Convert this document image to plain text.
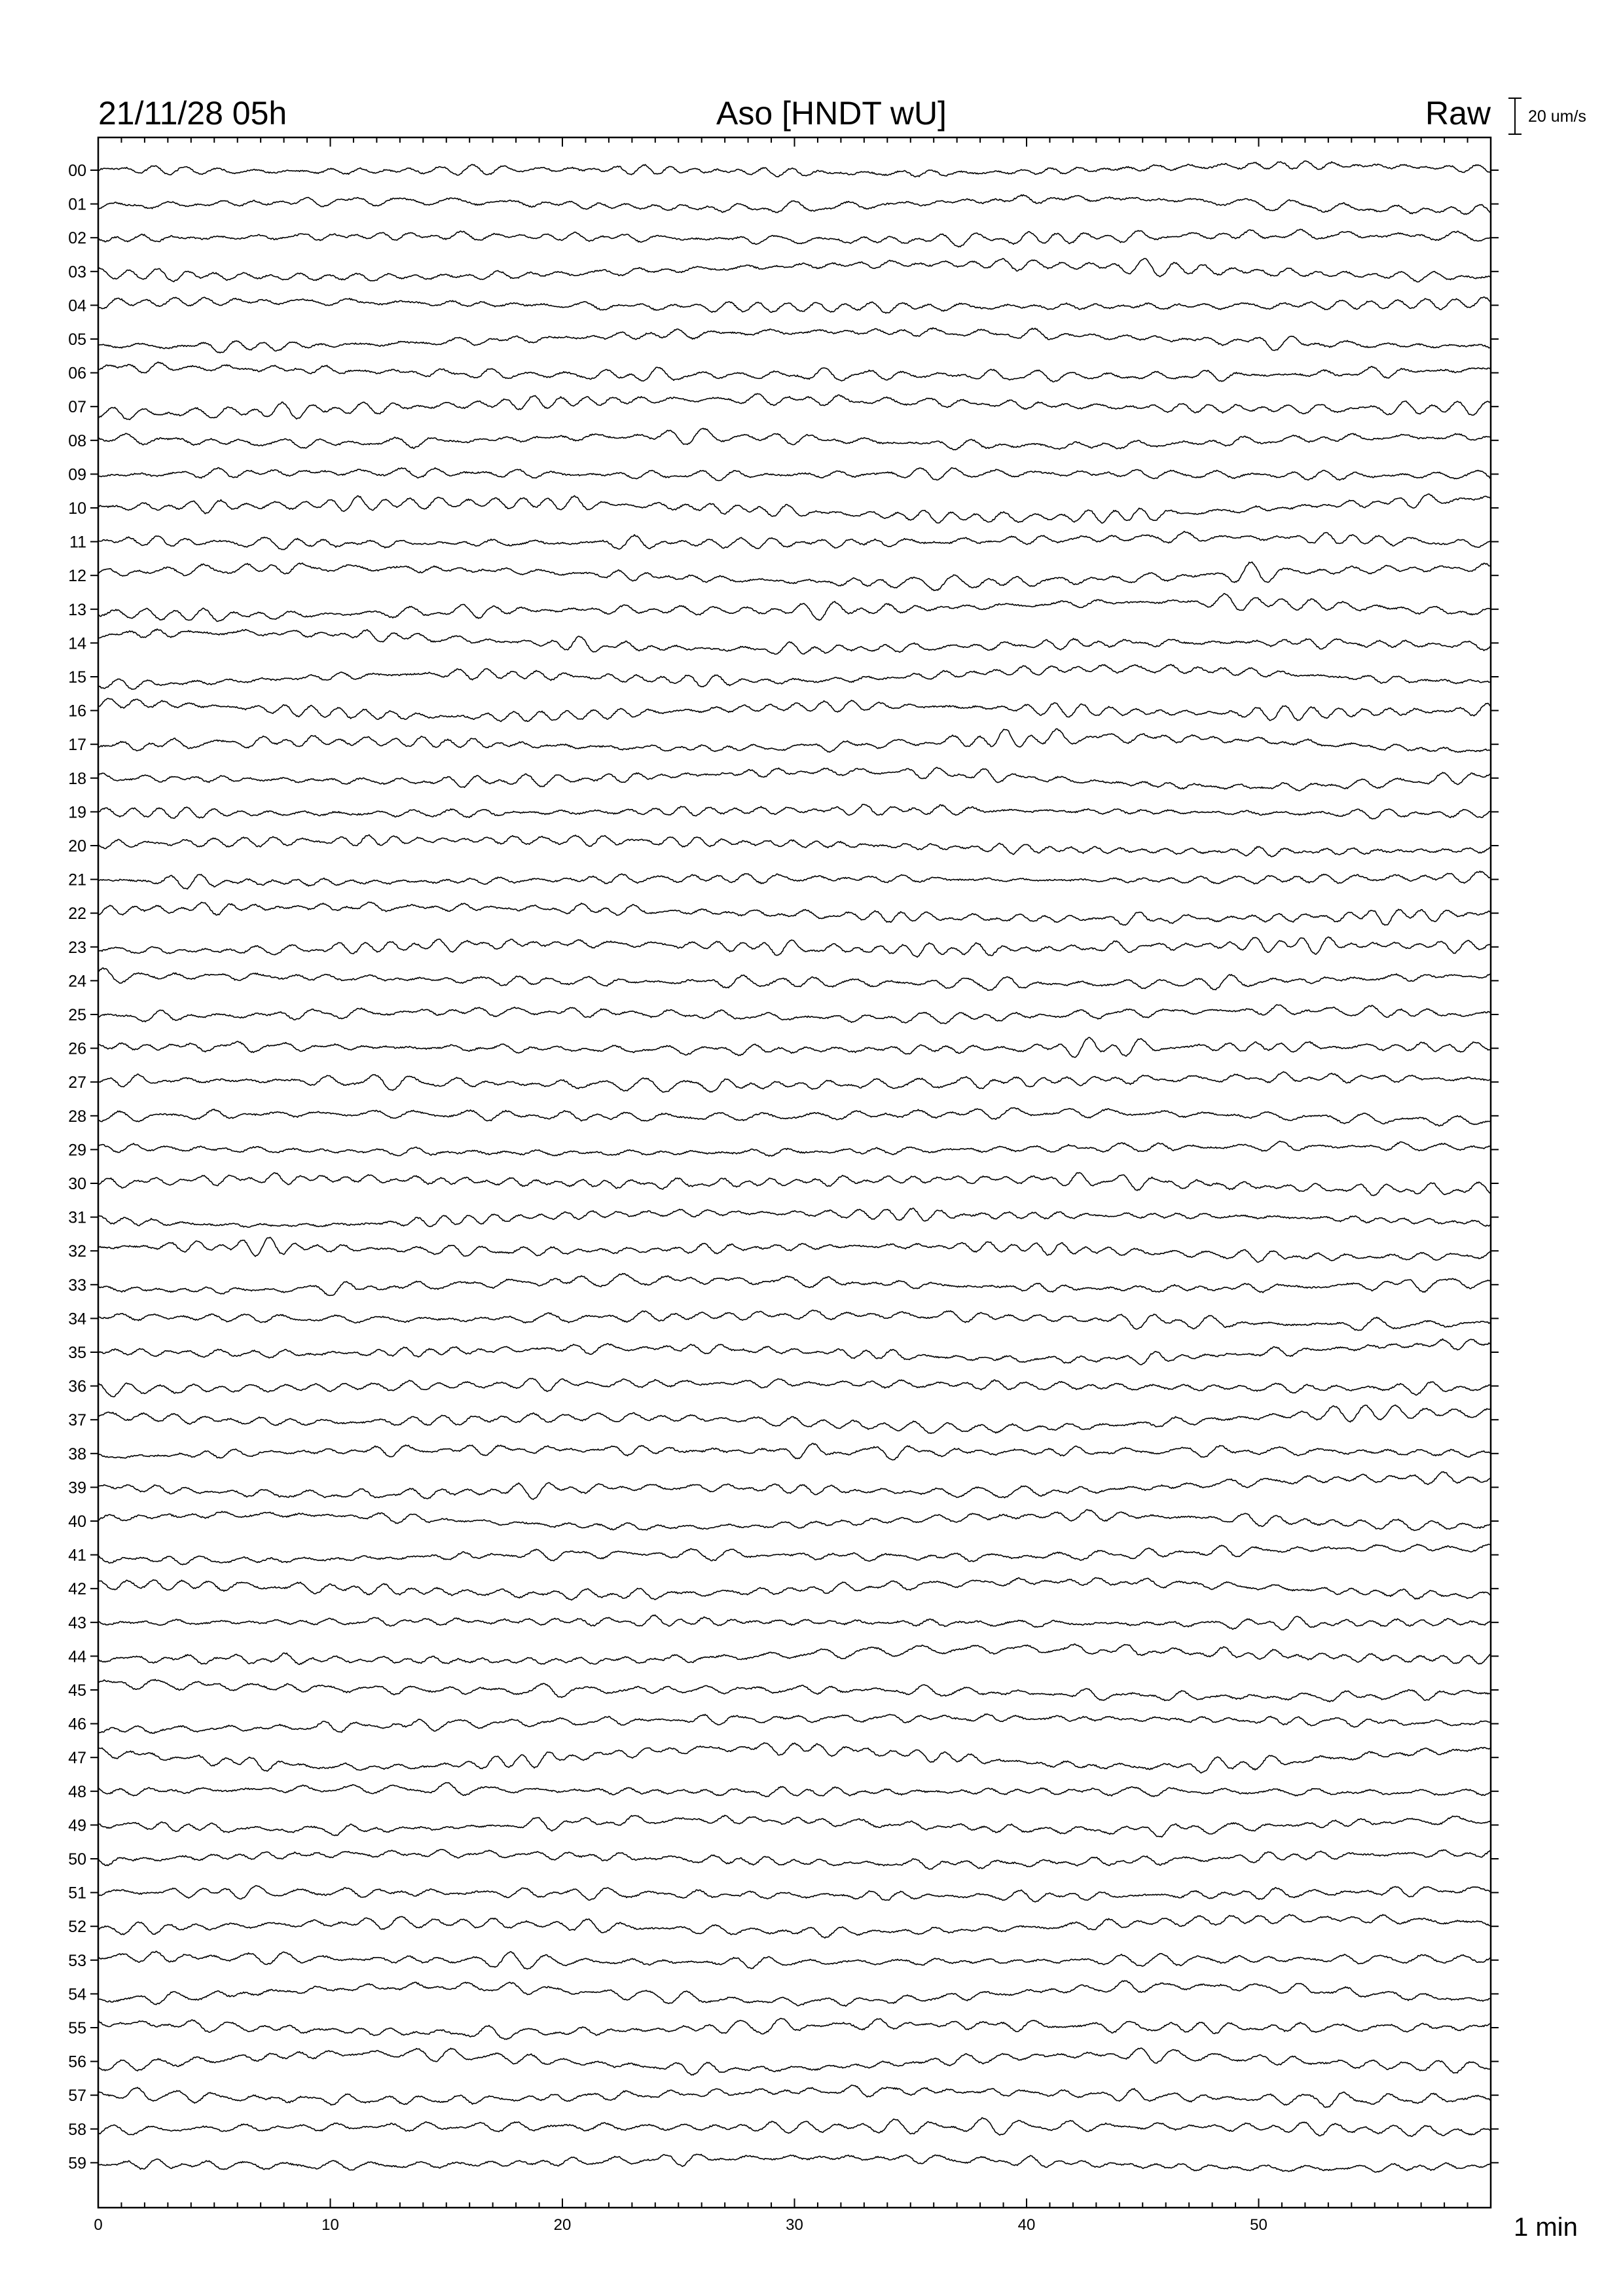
21/11/28 05h	Aso [HNDT wU]	Raw 20 um/s
00
01
02
03
04
05
06
07
08
09
10
11
12
13
14
15
16
17
18
19
20
21
22
23
24
25
26
27
28
29
30
31
32
33
34
35
36
37
38
39
40
41
42
43
44
45
46
47
48
49
50
51
52
53
54
55
56
57
58
59
0	10	20	30	40	50	1 min
